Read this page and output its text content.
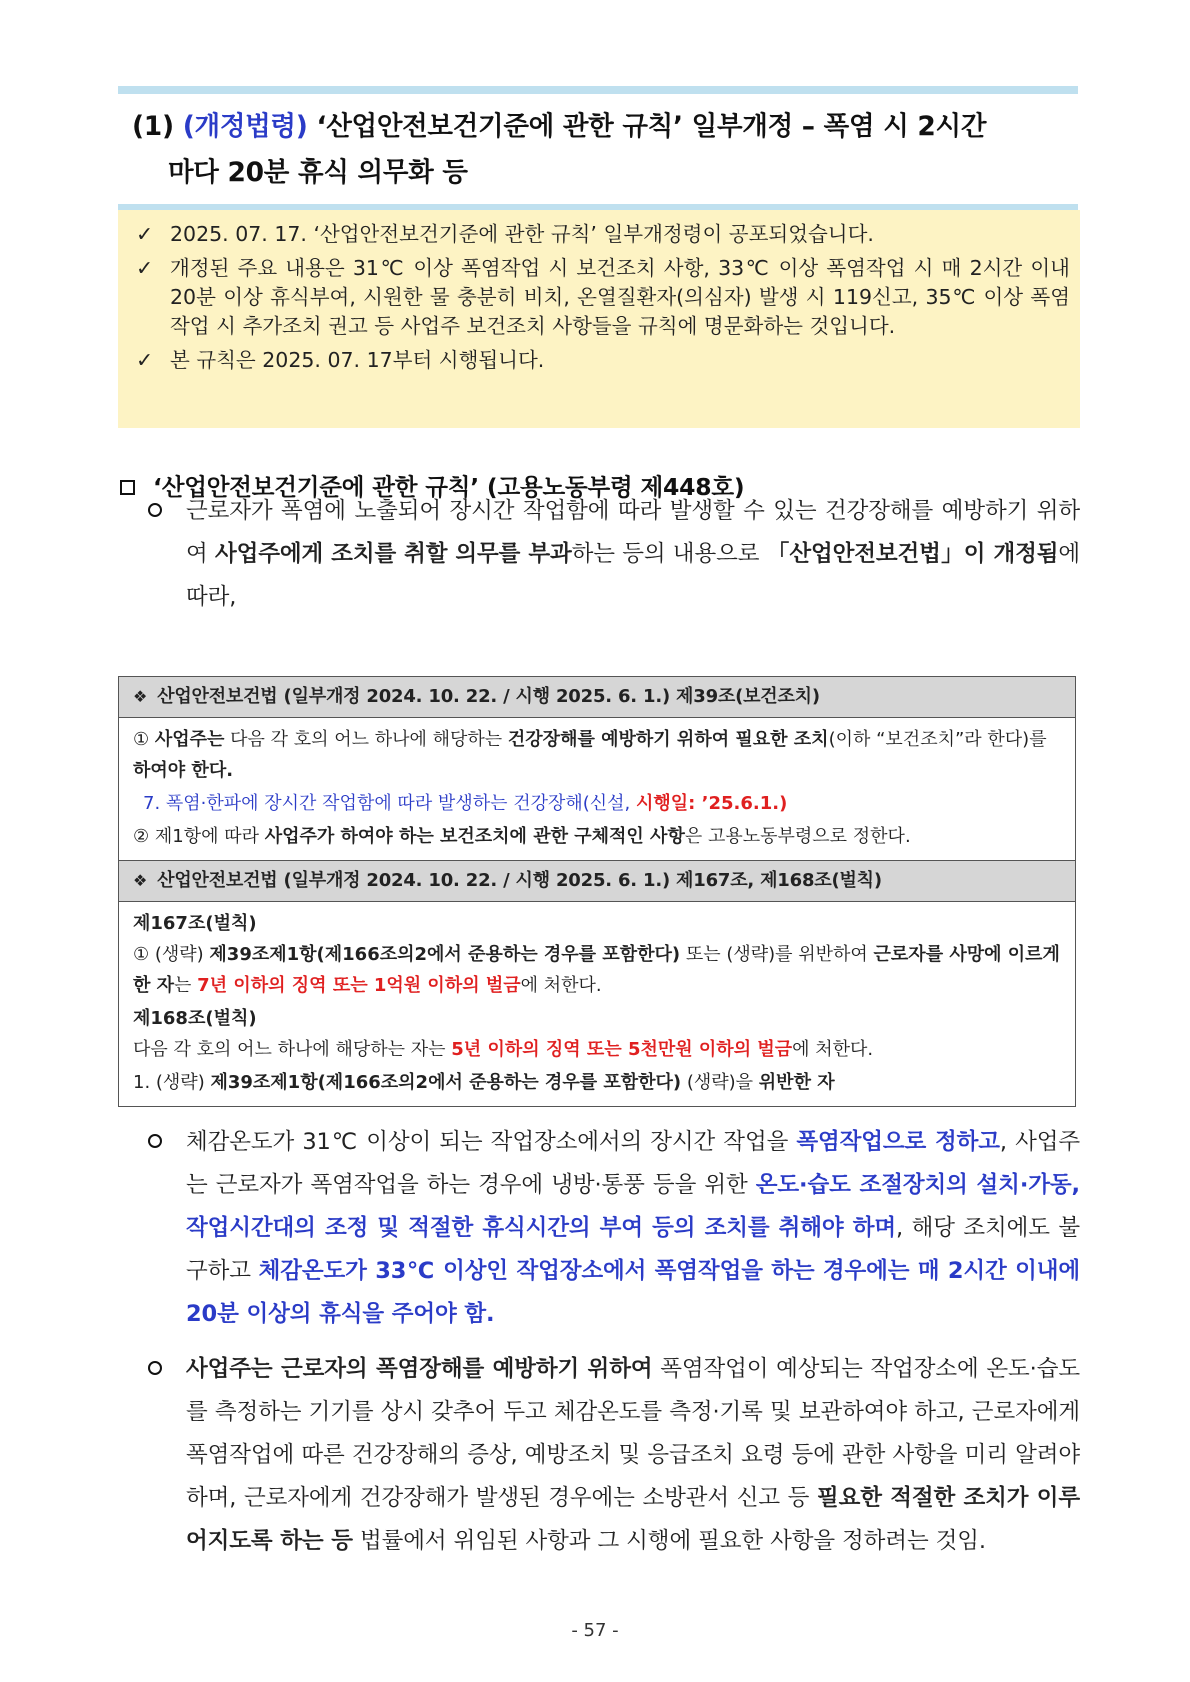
(1) (개정법령) ‘산업안전보건기준에 관한 규칙’ 일부개정 – 폭염 시 2시간
마다 20분 휴식 의무화 등
✓ 2025. 07. 17. ‘산업안전보건기준에 관한 규칙’ 일부개정령이 공포되었습니다.
✓ 개정된 주요 내용은 31℃ 이상 폭염작업 시 보건조치 사항, 33℃ 이상 폭염작업 시 매 2시간 이내 20분 이상 휴식부여, 시원한 물 충분히 비치, 온열질환자(의심자) 발생 시 119신고, 35℃ 이상 폭염작업 시 추가조치 권고 등 사업주 보건조치 사항들을 규칙에 명문화하는 것입니다.
✓ 본 규칙은 2025. 07. 17부터 시행됩니다.
‘산업안전보건기준에 관한 규칙’ (고용노동부령 제448호)
근로자가 폭염에 노출되어 장시간 작업함에 따라 발생할 수 있는 건강장해를 예방하기 위하여 사업주에게 조치를 취할 의무를 부과하는 등의 내용으로 「산업안전보건법」이 개정됨에 따라,
❖ 산업안전보건법 (일부개정 2024. 10. 22. / 시행 2025. 6. 1.) 제39조(보건조치)
① 사업주는 다음 각 호의 어느 하나에 해당하는 건강장해를 예방하기 위하여 필요한 조치(이하 “보건조치”라 한다)를 하여야 한다.
7. 폭염·한파에 장시간 작업함에 따라 발생하는 건강장해(신설, 시행일: ’25.6.1.)
② 제1항에 따라 사업주가 하여야 하는 보건조치에 관한 구체적인 사항은 고용노동부령으로 정한다.
❖ 산업안전보건법 (일부개정 2024. 10. 22. / 시행 2025. 6. 1.) 제167조, 제168조(벌칙)
제167조(벌칙)
① (생략) 제39조제1항(제166조의2에서 준용하는 경우를 포함한다) 또는 (생략)를 위반하여 근로자를 사망에 이르게 한 자는 7년 이하의 징역 또는 1억원 이하의 벌금에 처한다.
제168조(벌칙)
다음 각 호의 어느 하나에 해당하는 자는 5년 이하의 징역 또는 5천만원 이하의 벌금에 처한다.
1. (생략) 제39조제1항(제166조의2에서 준용하는 경우를 포함한다) (생략)을 위반한 자
체감온도가 31℃ 이상이 되는 작업장소에서의 장시간 작업을 폭염작업으로 정하고, 사업주는 근로자가 폭염작업을 하는 경우에 냉방·통풍 등을 위한 온도·습도 조절장치의 설치·가동, 작업시간대의 조정 및 적절한 휴식시간의 부여 등의 조치를 취해야 하며, 해당 조치에도 불구하고 체감온도가 33℃ 이상인 작업장소에서 폭염작업을 하는 경우에는 매 2시간 이내에 20분 이상의 휴식을 주어야 함.
사업주는 근로자의 폭염장해를 예방하기 위하여 폭염작업이 예상되는 작업장소에 온도·습도를 측정하는 기기를 상시 갖추어 두고 체감온도를 측정·기록 및 보관하여야 하고, 근로자에게 폭염작업에 따른 건강장해의 증상, 예방조치 및 응급조치 요령 등에 관한 사항을 미리 알려야 하며, 근로자에게 건강장해가 발생된 경우에는 소방관서 신고 등 필요한 적절한 조치가 이루어지도록 하는 등 법률에서 위임된 사항과 그 시행에 필요한 사항을 정하려는 것임.
- 57 -
